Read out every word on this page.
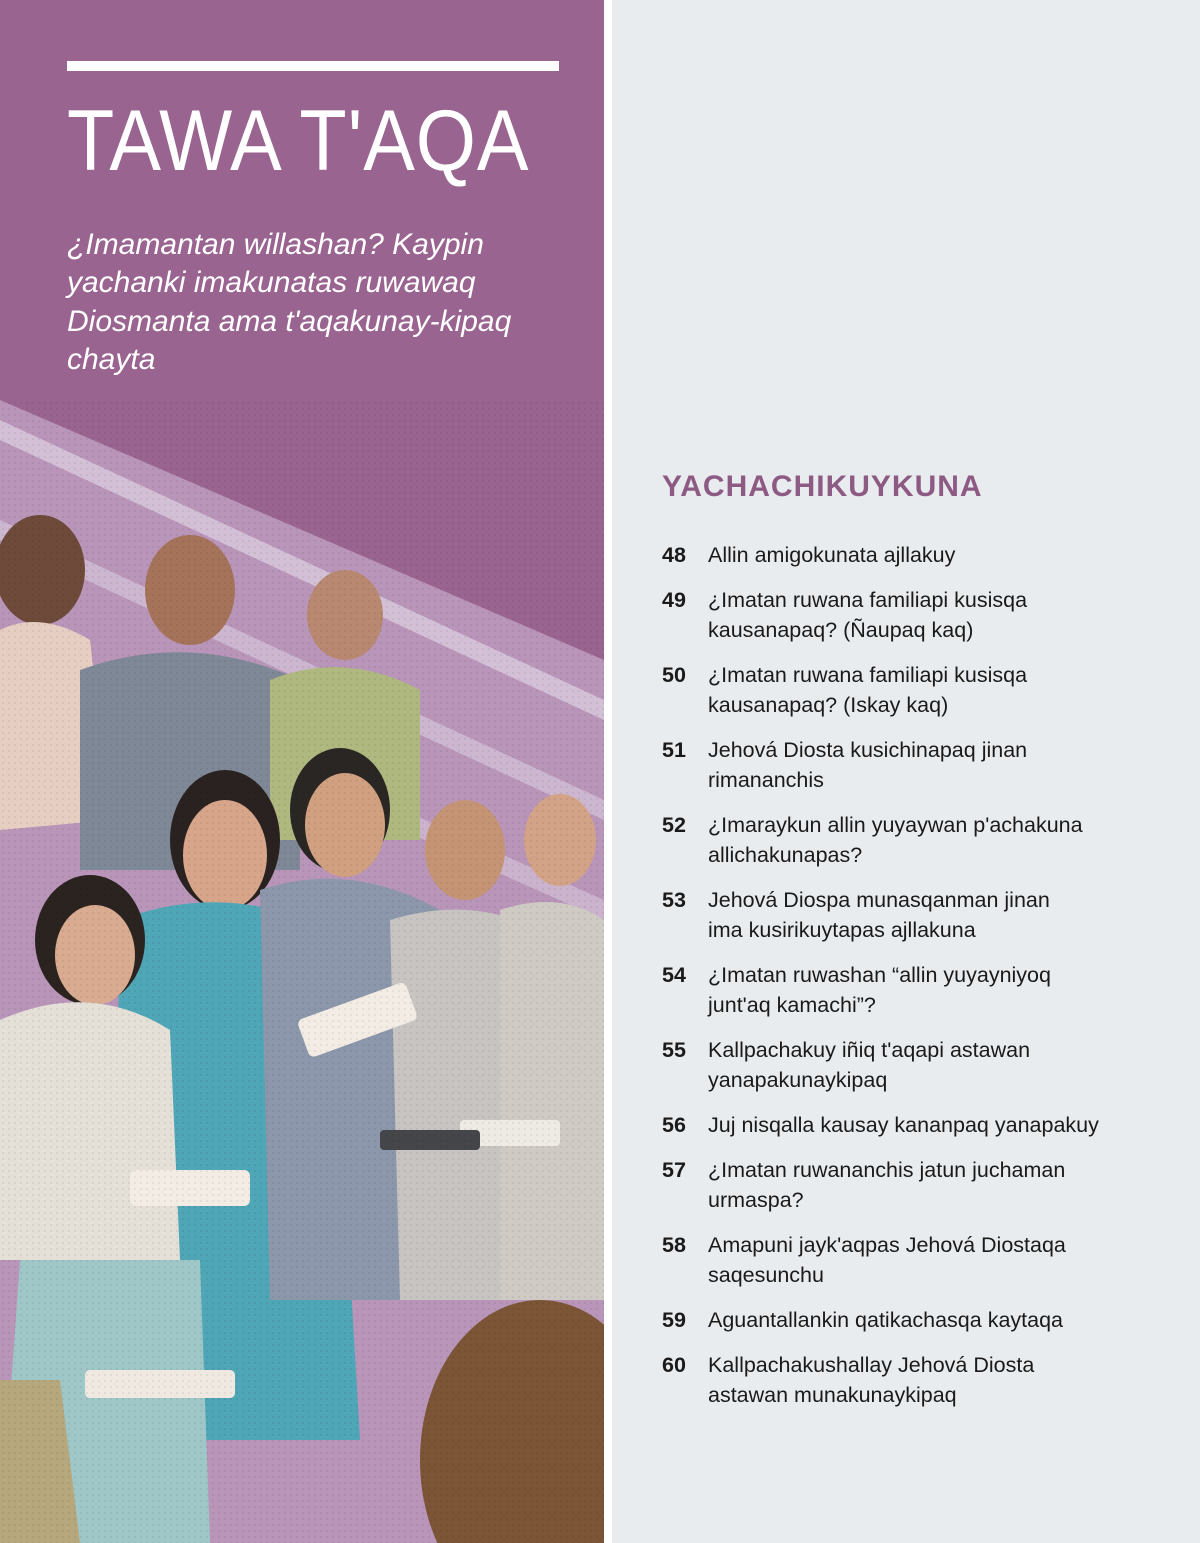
TAWA T'AQA

¿Imamantan willashan? Kaypin yachanki imakunatas ruwawaq Diosmanta ama t'aqakunay-kipaq chayta

YACHACHIKUYKUNA
48	Allin amigokunata ajllakuy
49	¿Imatan ruwana familiapi kusisqa
kausanapaq? (Ñaupaq kaq)
50	¿Imatan ruwana familiapi kusisqa
kausanapaq? (Iskay kaq)
51	Jehová Diosta kusichinapaq jinan
rimananchis
52	¿Imaraykun allin yuyaywan p'achakuna
allichakunapas?
53	Jehová Diospa munasqanman jinan
ima kusirikuytapas ajllakuna
54	¿Imatan ruwashan “allin yuyayniyoq
junt'aq kamachi”?
55	Kallpachakuy iñiq t'aqapi astawan
yanapakunaykipaq
56	Juj nisqalla kausay kananpaq yanapakuy
57	¿Imatan ruwananchis jatun juchaman
urmaspa?
58	Amapuni jayk'aqpas Jehová Diostaqa
saqesunchu
59	Aguantallankin qatikachasqa kaytaqa
60	Kallpachakushallay Jehová Diosta
astawan munakunaykipaq
